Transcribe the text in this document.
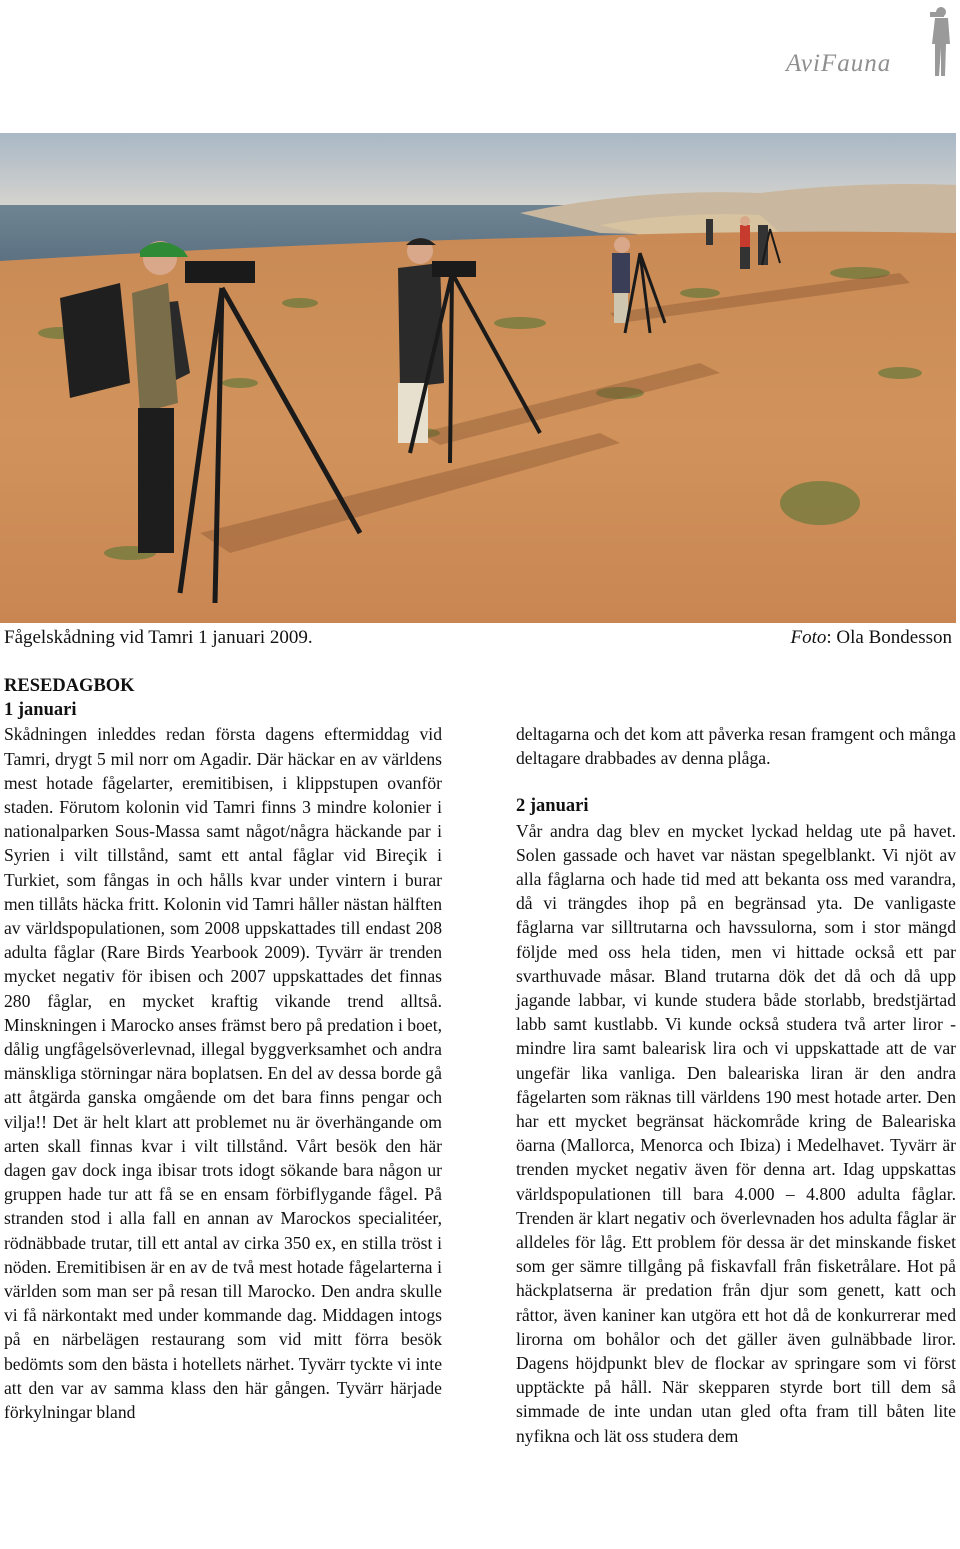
AviFauna
Fågelskådning vid Tamri 1 januari 2009.	Foto: Ola Bondesson

RESEDAGBOK

1 januari

Skådningen inleddes redan första dagens eftermiddag vid Tamri, drygt 5 mil norr om Agadir. Där häckar en av världens mest hotade fågelarter, eremitibisen, i klippstupen ovanför staden. Förutom kolonin vid Tamri finns 3 mindre kolonier i nationalparken Sous-Massa samt något/några häckande par i Syrien i vilt tillstånd, samt ett antal fåglar vid Bireçik i Turkiet, som fångas in och hålls kvar under vintern i burar men tillåts häcka fritt. Kolonin vid Tamri håller nästan hälften av världspopulationen, som 2008 uppskattades till endast 208 adulta fåglar (Rare Birds Yearbook 2009). Tyvärr är trenden mycket negativ för ibisen och 2007 uppskattades det finnas 280 fåglar, en mycket kraftig vikande trend alltså. Minskningen i Marocko anses främst bero på predation i boet, dålig ungfågelsöverlevnad, illegal byggverksamhet och andra mänskliga störningar nära boplatsen. En del av dessa borde gå att åtgärda ganska omgående om det bara finns pengar och vilja!! Det är helt klart att problemet nu är överhängande om arten skall finnas kvar i vilt tillstånd. Vårt besök den här dagen gav dock inga ibisar trots idogt sökande bara någon ur gruppen hade tur att få se en ensam förbiflygande fågel. På stranden stod i alla fall en annan av Marockos specialitéer, rödnäbbade trutar, till ett antal av cirka 350 ex, en stilla tröst i nöden. Eremitibisen är en av de två mest hotade fågelarterna i världen som man ser på resan till Marocko. Den andra skulle vi få närkontakt med under kommande dag. Middagen intogs på en närbelägen restaurang som vid mitt förra besök bedömts som den bästa i hotellets närhet. Tyvärr tyckte vi inte att den var av samma klass den här gången. Tyvärr härjade förkylningar bland

deltagarna och det kom att påverka resan framgent och många deltagare drabbades av denna plåga.

2 januari

Vår andra dag blev en mycket lyckad heldag ute på havet. Solen gassade och havet var nästan spegelblankt. Vi njöt av alla fåglarna och hade tid med att bekanta oss med varandra, då vi trängdes ihop på en begränsad yta. De vanligaste fåglarna var silltrutarna och havssulorna, som i stor mängd följde med oss hela tiden, men vi hittade också ett par svarthuvade måsar. Bland trutarna dök det då och då upp jagande labbar, vi kunde studera både storlabb, bredstjärtad labb samt kustlabb. Vi kunde också studera två arter liror - mindre lira samt balearisk lira och vi uppskattade att de var ungefär lika vanliga. Den baleariska liran är den andra fågelarten som räknas till världens 190 mest hotade arter. Den har ett mycket begränsat häckområde kring de Baleariska öarna (Mallorca, Menorca och Ibiza) i Medelhavet. Tyvärr är trenden mycket negativ även för denna art. Idag uppskattas världspopulationen till bara 4.000 – 4.800 adulta fåglar. Trenden är klart negativ och överlevnaden hos adulta fåglar är alldeles för låg. Ett problem för dessa är det minskande fisket som ger sämre tillgång på fiskavfall från fisketrålare. Hot på häckplatserna är predation från djur som genett, katt och råttor, även kaniner kan utgöra ett hot då de konkurrerar med lirorna om bohålor och det gäller även gulnäbbade liror. Dagens höjdpunkt blev de flockar av springare som vi först upptäckte på håll. När skepparen styrde bort till dem så simmade de inte undan utan gled ofta fram till båten lite nyfikna och lät oss studera dem
